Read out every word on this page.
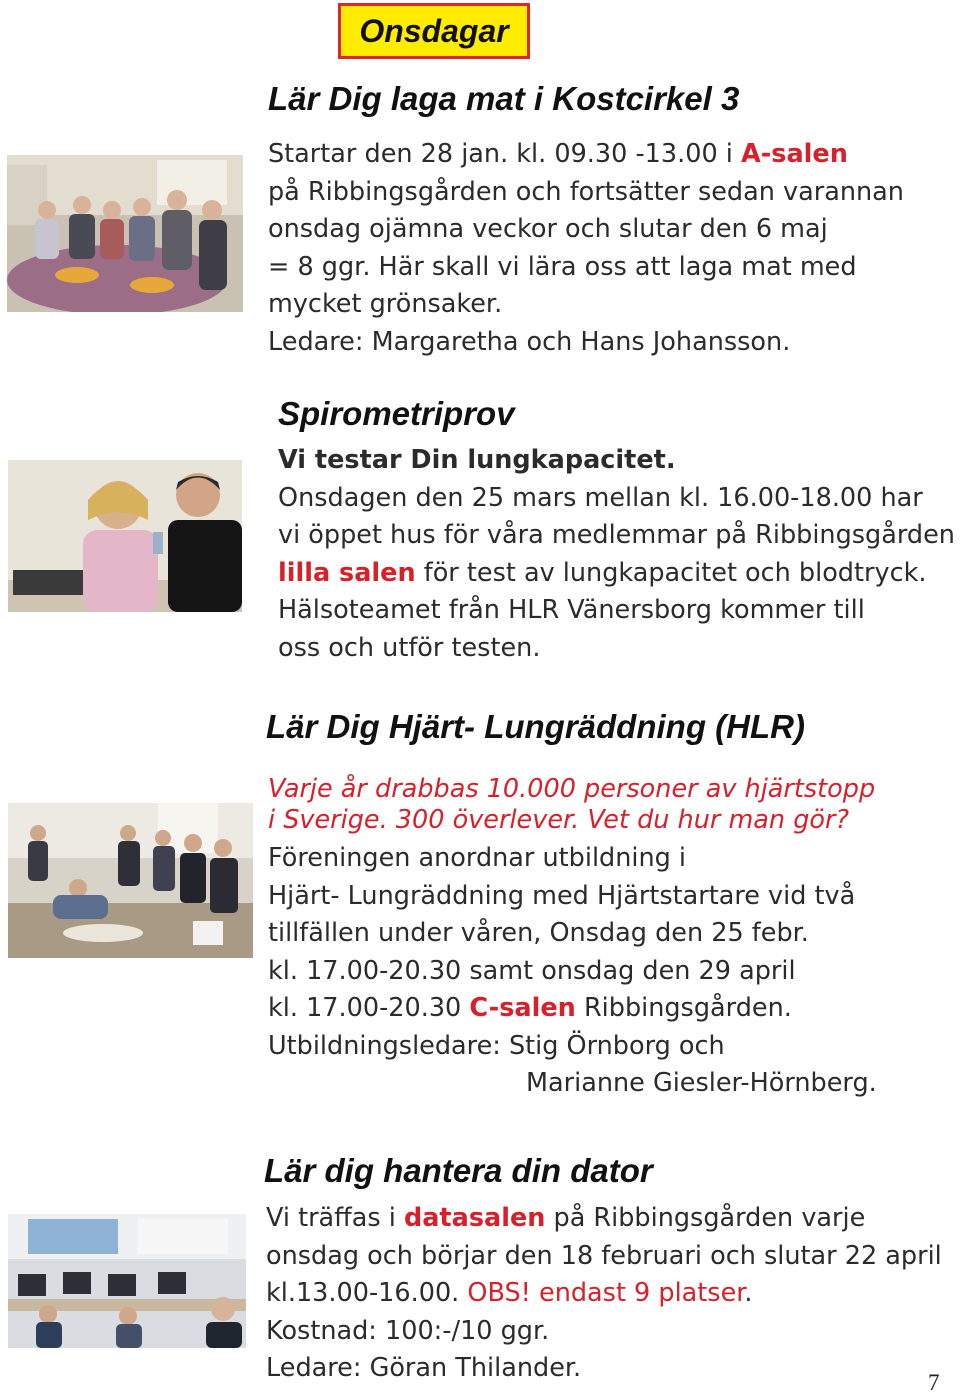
Onsdagar
Lär Dig laga mat i Kostcirkel 3
Startar den 28 jan. kl. 09.30 -13.00 i A-salen
på Ribbingsgården och fortsätter sedan varannan
onsdag ojämna veckor och slutar den 6 maj
= 8 ggr. Här skall vi lära oss att laga mat med
mycket grönsaker.
Ledare: Margaretha och Hans Johansson.
Spirometriprov
Vi testar Din lungkapacitet.
Onsdagen den 25 mars mellan kl. 16.00-18.00 har
vi öppet hus för våra medlemmar på Ribbingsgården
lilla salen för test av lungkapacitet och blodtryck.
Hälsoteamet från HLR Vänersborg kommer till
oss och utför testen.
Lär Dig Hjärt- Lungräddning (HLR)
Varje år drabbas 10.000 personer av hjärtstopp
i Sverige. 300 överlever. Vet du hur man gör?
Föreningen anordnar utbildning i
Hjärt- Lungräddning med Hjärtstartare vid två
tillfällen under våren, Onsdag den 25 febr.
kl. 17.00-20.30 samt onsdag den 29 april
kl. 17.00-20.30 C-salen Ribbingsgården.
Utbildningsledare: Stig Örnborg och
Marianne Giesler-Hörnberg.
Lär dig hantera din dator
Vi träffas i datasalen på Ribbingsgården varje
onsdag och börjar den 18 februari och slutar 22 april
kl.13.00-16.00. OBS! endast 9 platser.
Kostnad: 100:-/10 ggr.
Ledare: Göran Thilander.	7
